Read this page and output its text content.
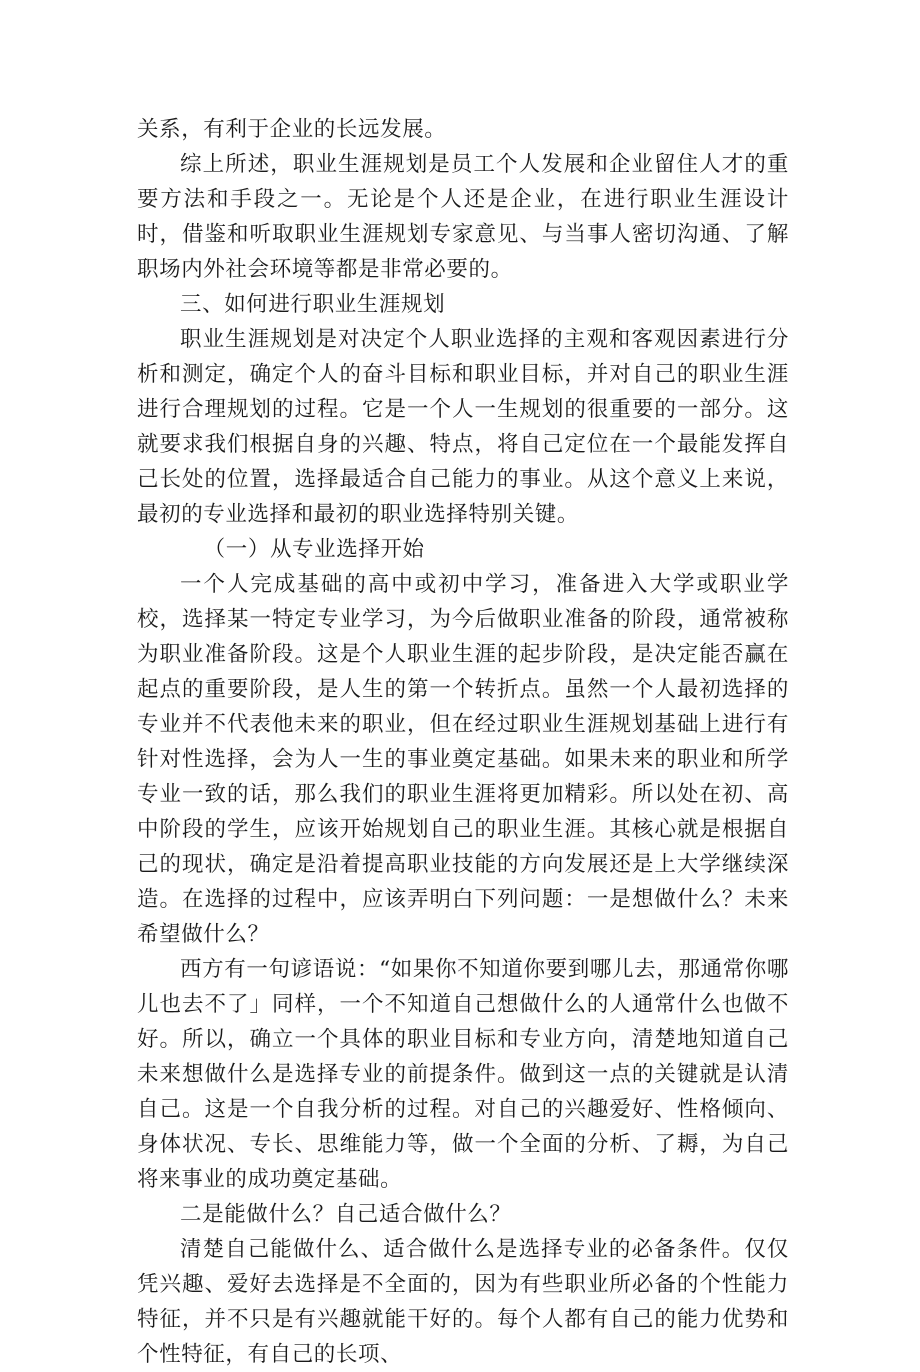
关系，有利于企业的长远发展。

综上所述，职业生涯规划是员工个人发展和企业留住人才的重要方法和手段之一。无论是个人还是企业，在进行职业生涯设计时，借鉴和听取职业生涯规划专家意见、与当事人密切沟通、了解职场内外社会环境等都是非常必要的。

三、如何进行职业生涯规划

职业生涯规划是对决定个人职业选择的主观和客观因素进行分析和测定，确定个人的奋斗目标和职业目标，并对自己的职业生涯进行合理规划的过程。它是一个人一生规划的很重要的一部分。这就要求我们根据自身的兴趣、特点，将自己定位在一个最能发挥自己长处的位置，选择最适合自己能力的事业。从这个意义上来说，最初的专业选择和最初的职业选择特别关键。

（一）从专业选择开始

一个人完成基础的高中或初中学习，准备进入大学或职业学校，选择某一特定专业学习，为今后做职业准备的阶段，通常被称为职业准备阶段。这是个人职业生涯的起步阶段，是决定能否赢在起点的重要阶段，是人生的第一个转折点。虽然一个人最初选择的专业并不代表他未来的职业，但在经过职业生涯规划基础上进行有针对性选择，会为人一生的事业奠定基础。如果未来的职业和所学专业一致的话，那么我们的职业生涯将更加精彩。所以处在初、高中阶段的学生，应该开始规划自己的职业生涯。其核心就是根据自己的现状，确定是沿着提高职业技能的方向发展还是上大学继续深造。在选择的过程中，应该弄明白下列问题：一是想做什么？未来希望做什么？

西方有一句谚语说：“如果你不知道你要到哪儿去，那通常你哪儿也去不了」同样，一个不知道自己想做什么的人通常什么也做不好。所以，确立一个具体的职业目标和专业方向，清楚地知道自己未来想做什么是选择专业的前提条件。做到这一点的关键就是认清自己。这是一个自我分析的过程。对自己的兴趣爱好、性格倾向、身体状况、专长、思维能力等，做一个全面的分析、了耨，为自己将来事业的成功奠定基础。

二是能做什么？自己适合做什么？

清楚自己能做什么、适合做什么是选择专业的必备条件。仅仅凭兴趣、爱好去选择是不全面的，因为有些职业所必备的个性能力特征，并不只是有兴趣就能干好的。每个人都有自己的能力优势和个性特征，有自己的长项、
